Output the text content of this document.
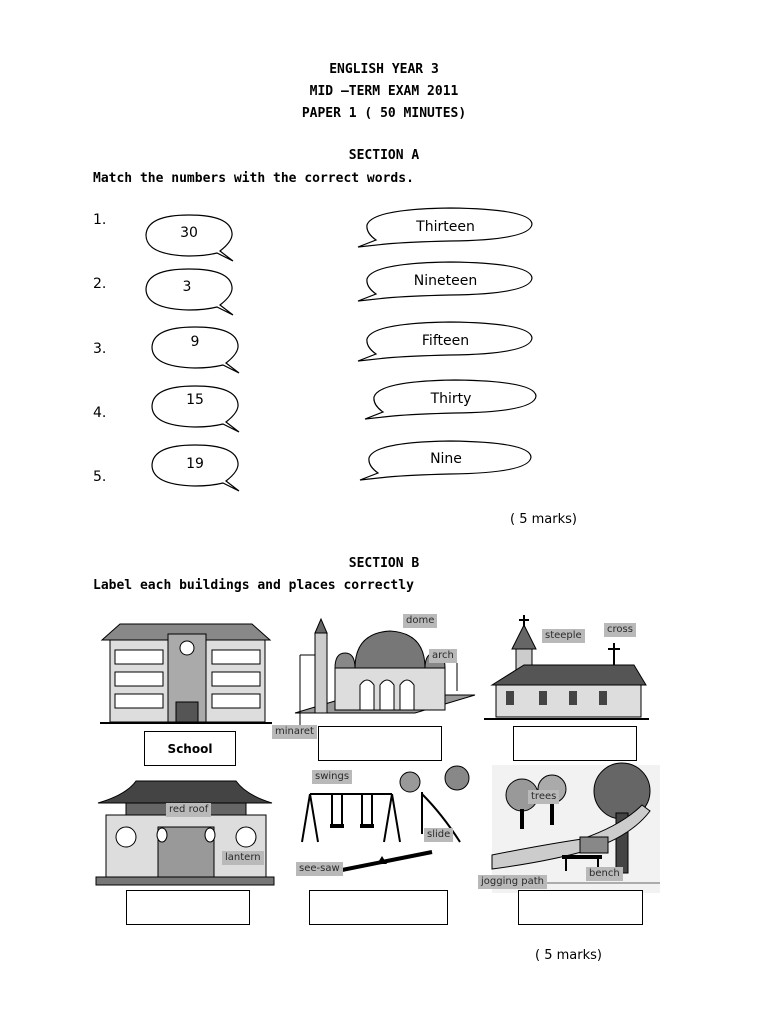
ENGLISH YEAR 3
MID –TERM EXAM 2011
PAPER 1 ( 50 MINUTES)
SECTION A
Match the numbers with the correct words.
1.
2.
3.
4.
5.
30
3
9
15
19
Thirteen
Nineteen
Fifteen
Thirty
Nine
( 5 marks)
SECTION B
Label each buildings and places correctly
dome
arch
minaret
steeple
cross
red roof
lantern
swings
slide
see-saw
trees
bench
jogging path
School
( 5 marks)
